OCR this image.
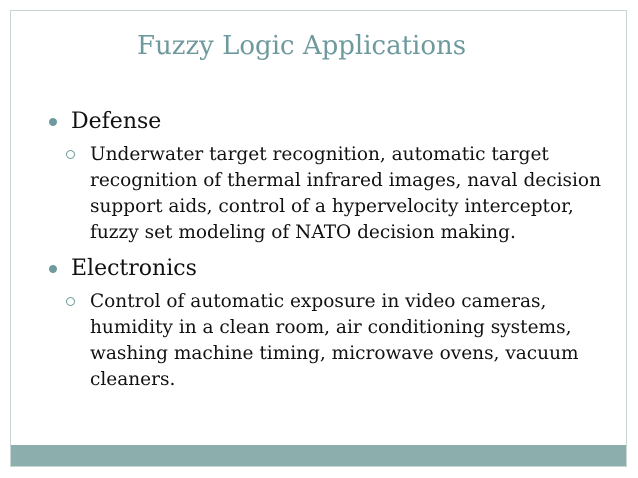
Fuzzy Logic Applications
Defense
Underwater target recognition, automatic target recognition of thermal infrared images, naval decision support aids, control of a hypervelocity interceptor, fuzzy set modeling of NATO decision making.
Electronics
Control of automatic exposure in video cameras, humidity in a clean room, air conditioning systems, washing machine timing, microwave ovens, vacuum cleaners.
